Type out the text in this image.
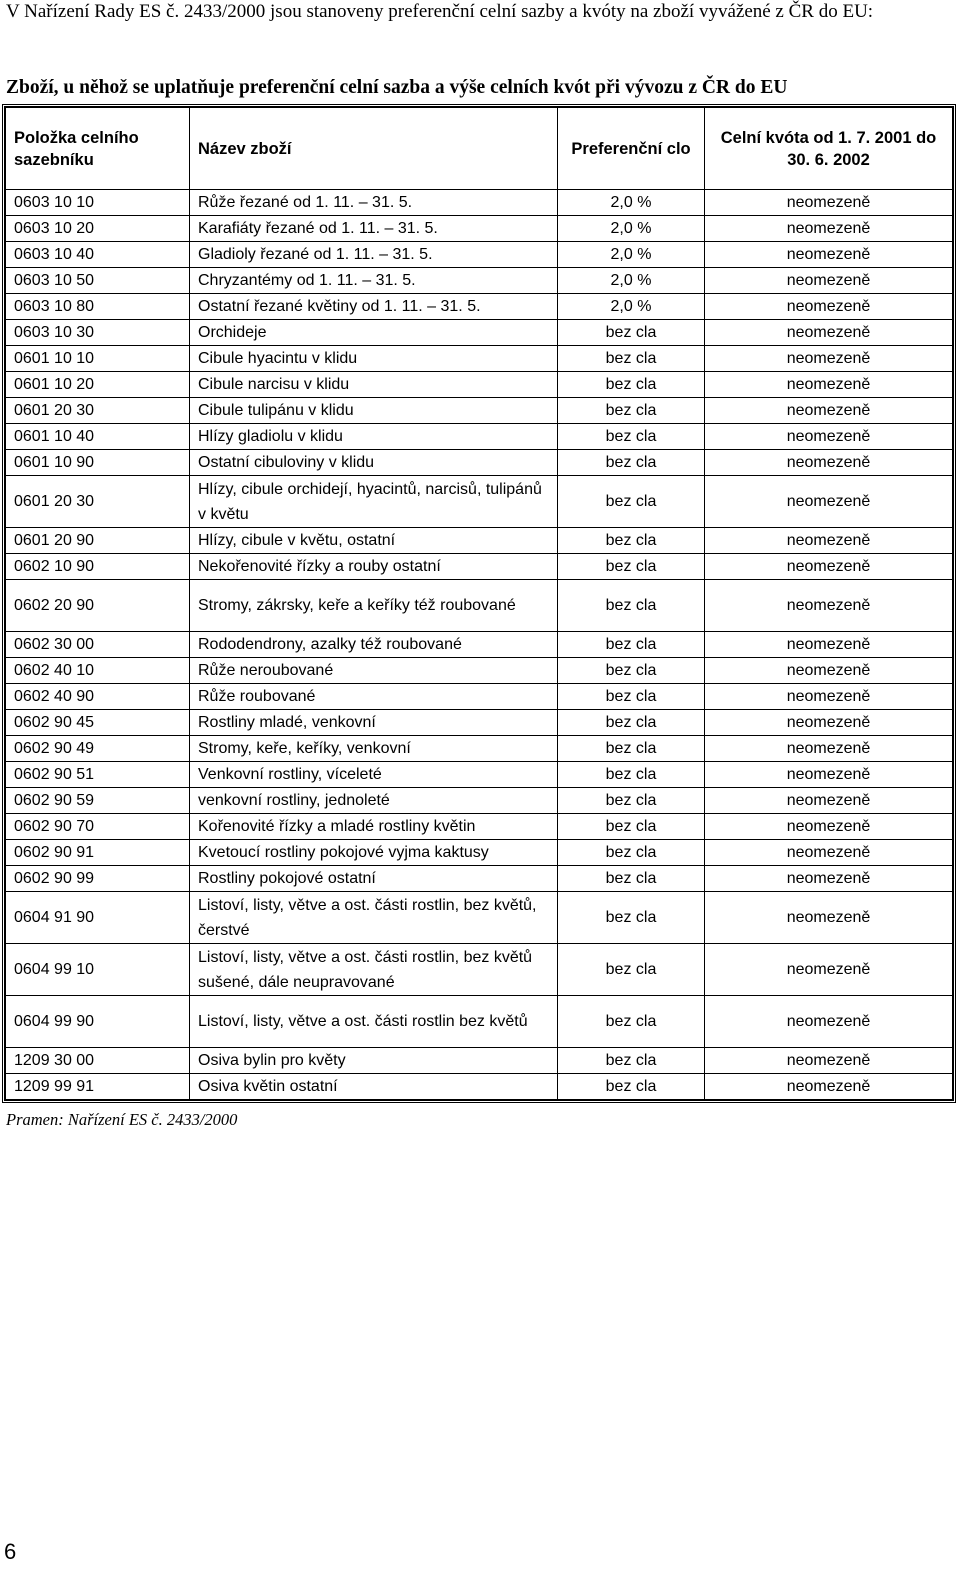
V Nařízení Rady ES č. 2433/2000 jsou stanoveny preferenční celní sazby a kvóty na zboží vyvážené z ČR do EU:
Zboží, u něhož se uplatňuje preferenční celní sazba a výše celních kvót při vývozu z ČR do EU
Položka celního sazebníku	Název zboží	Preferenční clo	Celní kvóta od 1. 7. 2001 do 30. 6. 2002
0603 10 10	Růže řezané od 1. 11. – 31. 5.	2,0 %	neomezeně
0603 10 20	Karafiáty řezané od 1. 11. – 31. 5.	2,0 %	neomezeně
0603 10 40	Gladioly řezané od 1. 11. – 31. 5.	2,0 %	neomezeně
0603 10 50	Chryzantémy od 1. 11. – 31. 5.	2,0 %	neomezeně
0603 10 80	Ostatní řezané květiny od 1. 11. – 31. 5.	2,0 %	neomezeně
0603 10 30	Orchideje	bez cla	neomezeně
0601 10 10	Cibule hyacintu v klidu	bez cla	neomezeně
0601 10 20	Cibule narcisu v klidu	bez cla	neomezeně
0601 20 30	Cibule tulipánu v klidu	bez cla	neomezeně
0601 10 40	Hlízy gladiolu v klidu	bez cla	neomezeně
0601 10 90	Ostatní cibuloviny v klidu	bez cla	neomezeně
0601 20 30	Hlízy, cibule orchidejí, hyacintů, narcisů, tulipánů v květu	bez cla	neomezeně
0601 20 90	Hlízy, cibule v květu, ostatní	bez cla	neomezeně
0602 10 90	Nekořenovité řízky a rouby ostatní	bez cla	neomezeně
0602 20 90	Stromy, zákrsky, keře a keříky též roubované	bez cla	neomezeně
0602 30 00	Rododendrony, azalky též roubované	bez cla	neomezeně
0602 40 10	Růže neroubované	bez cla	neomezeně
0602 40 90	Růže roubované	bez cla	neomezeně
0602 90 45	Rostliny mladé, venkovní	bez cla	neomezeně
0602 90 49	Stromy, keře, keříky, venkovní	bez cla	neomezeně
0602 90 51	Venkovní rostliny, víceleté	bez cla	neomezeně
0602 90 59	venkovní rostliny, jednoleté	bez cla	neomezeně
0602 90 70	Kořenovité řízky a mladé rostliny květin	bez cla	neomezeně
0602 90 91	Kvetoucí rostliny pokojové vyjma kaktusy	bez cla	neomezeně
0602 90 99	Rostliny pokojové ostatní	bez cla	neomezeně
0604 91 90	Listoví, listy, větve a ost. části rostlin, bez květů, čerstvé	bez cla	neomezeně
0604 99 10	Listoví, listy, větve a ost. části rostlin, bez květů sušené, dále neupravované	bez cla	neomezeně
0604 99 90	Listoví, listy, větve a ost. části rostlin bez květů	bez cla	neomezeně
1209 30 00	Osiva bylin pro květy	bez cla	neomezeně
1209 99 91	Osiva květin ostatní	bez cla	neomezeně
Pramen: Nařízení ES č. 2433/2000
6
